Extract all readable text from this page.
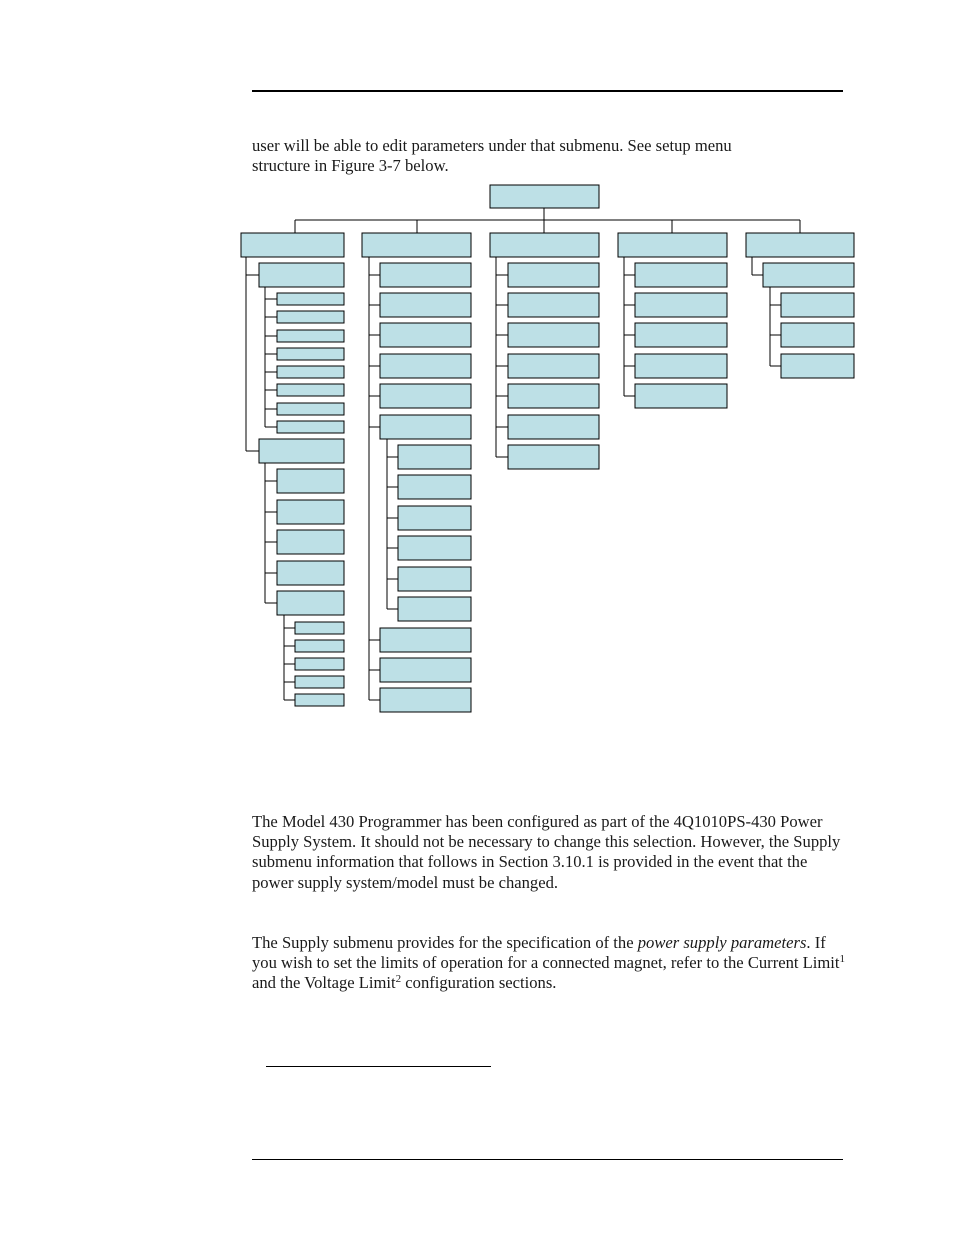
user will be able to edit parameters under that submenu. See setup menu
structure in Figure 3-7 below.

The Model 430 Programmer has been configured as part of the 4Q1010PS-430 Power Supply System. It should not be necessary to change this selection. However, the Supply submenu information that follows in Section 3.10.1 is provided in the event that the power supply system/model must be changed.

The Supply submenu provides for the specification of the power supply parameters. If you wish to set the limits of operation for a connected magnet, refer to the Current Limit$^1$ and the Voltage Limit$^2$ configuration sections.
